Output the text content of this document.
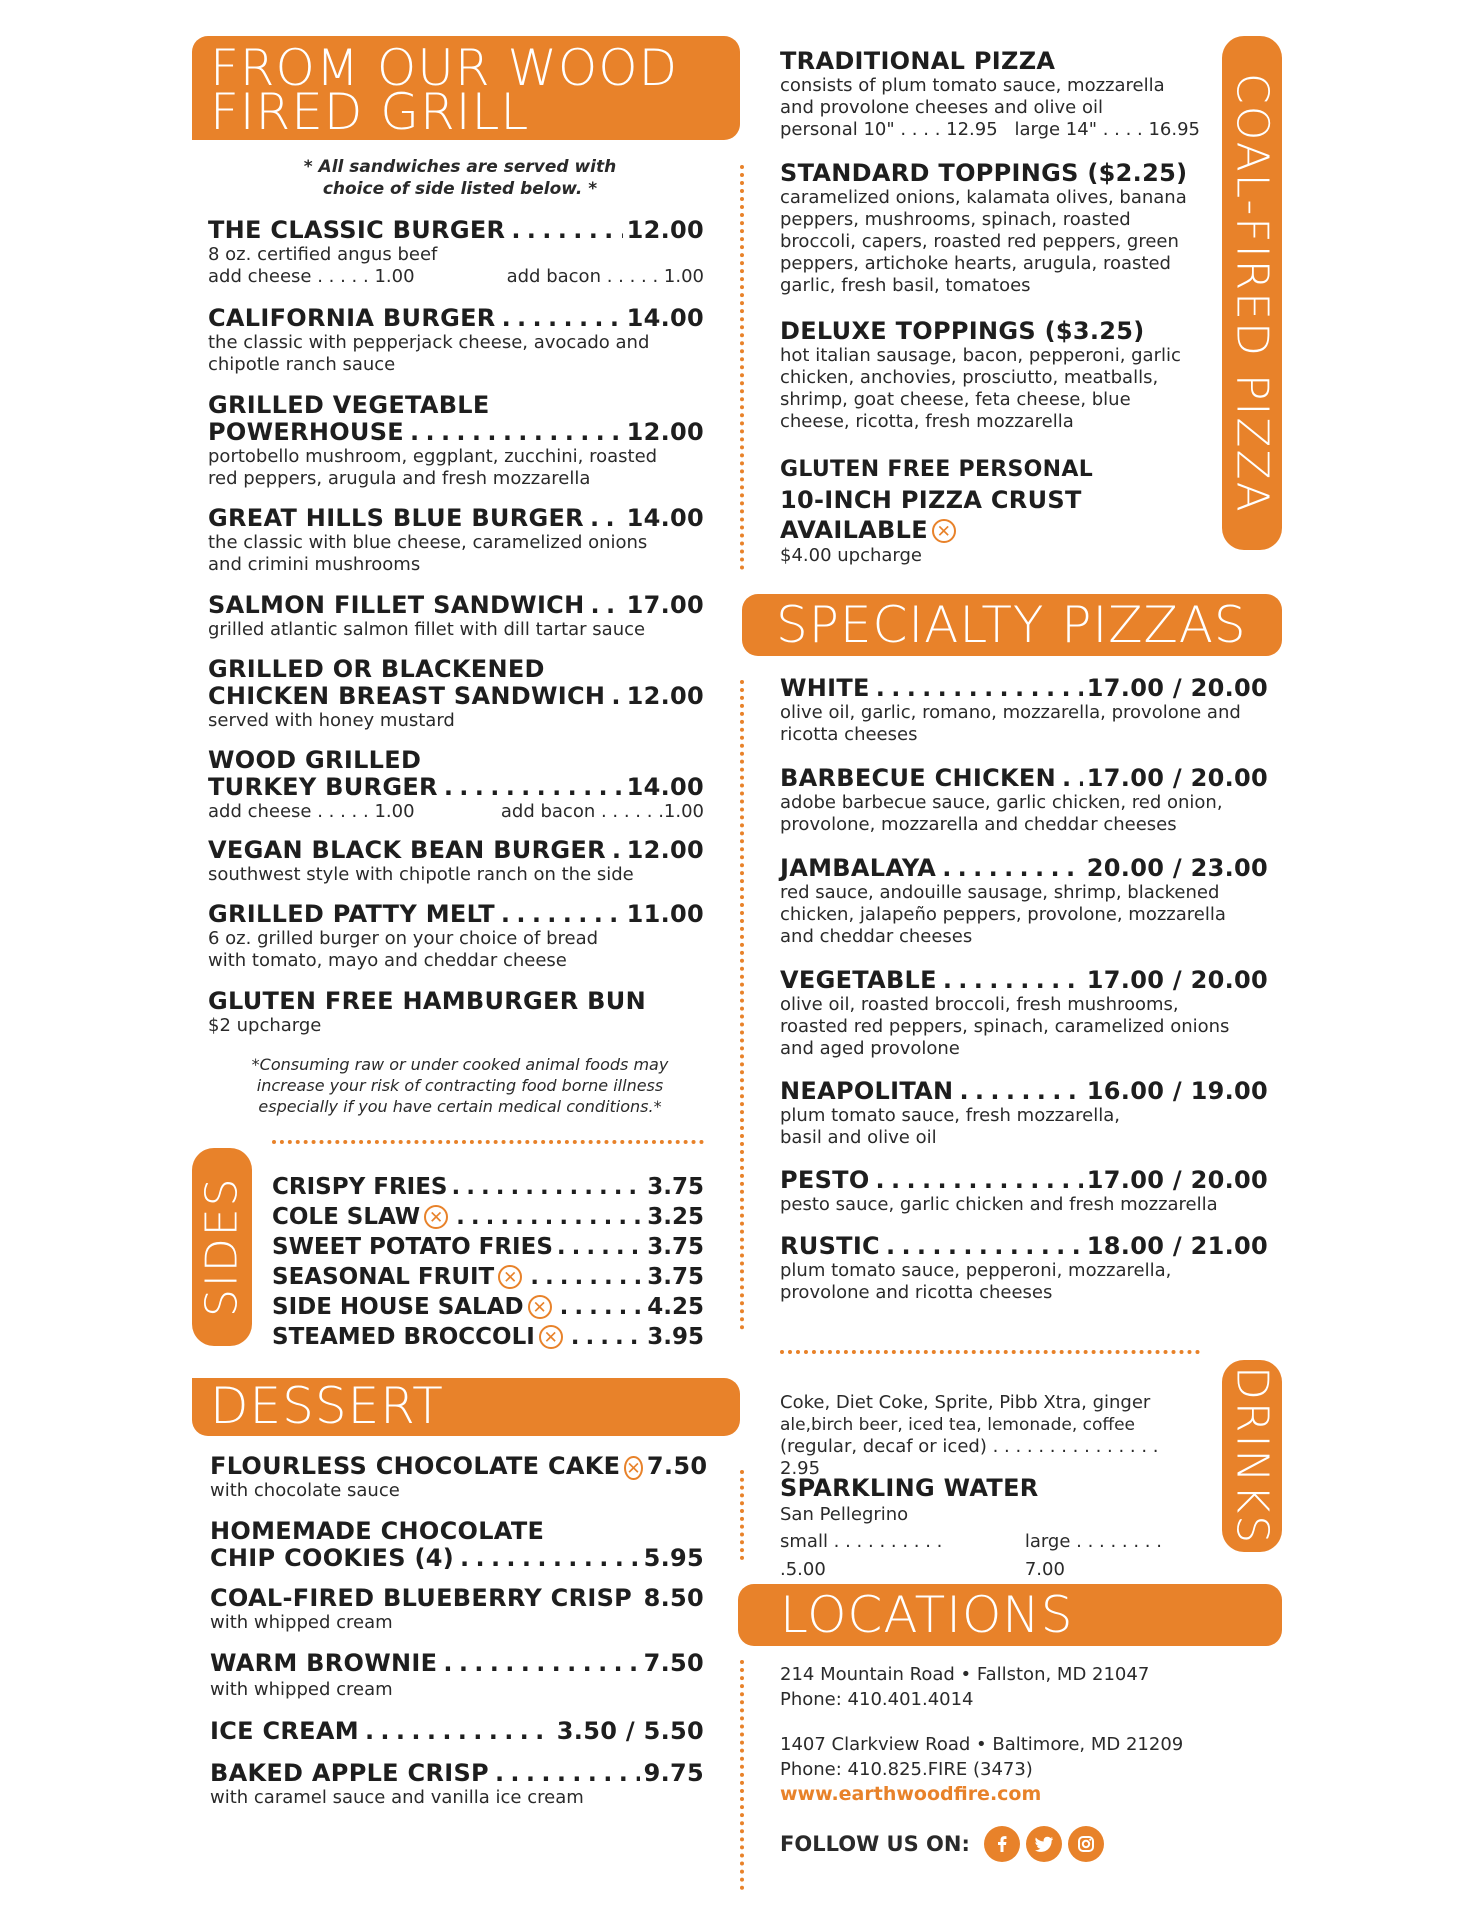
FROM OUR WOOD
FIRED GRILL
* All sandwiches are served with
choice of side listed below. *
THE CLASSIC BURGER . . .	12.00
8 oz. certified angus beef
add cheese . . . . . 1.00	add bacon . . . . . 1.00
CALIFORNIA BURGER . . .	14.00
the classic with pepperjack cheese, avocado and
chipotle ranch sauce
GRILLED VEGETABLE
POWERHOUSE . . .	12.00
portobello mushroom, eggplant, zucchini, roasted
red peppers, arugula and fresh mozzarella
GREAT HILLS BLUE BURGER . . . 14.00
the classic with blue cheese, caramelized onions
and crimini mushrooms
SALMON FILLET SANDWICH . . . 17.00
grilled atlantic salmon fillet with dill tartar sauce
GRILLED OR BLACKENED
CHICKEN BREAST SANDWICH . . . 12.00
served with honey mustard
WOOD GRILLED
TURKEY BURGER . . .	14.00
add cheese . . . . . 1.00	add bacon . . . . . .1.00
VEGAN BLACK BEAN BURGER . . . 12.00
southwest style with chipotle ranch on the side
GRILLED PATTY MELT . . .	11.00
6 oz. grilled burger on your choice of bread
with tomato, mayo and cheddar cheese
GLUTEN FREE HAMBURGER BUN
$2 upcharge
*Consuming raw or under cooked animal foods may
increase your risk of contracting food borne illness
especially if you have certain medical conditions.*
SIDES CRISPY FRIES . . .	3.75
COLE SLAW ✕ . . .	3.25
SWEET POTATO FRIES . . .	3.75
SEASONAL FRUIT ✕ . . .	3.75
SIDE HOUSE SALAD ✕ . . .	4.25
STEAMED BROCCOLI ✕ . . .	3.95
DESSERT
FLOURLESS CHOCOLATE CAKE ✕ 7.50
with chocolate sauce
HOMEMADE CHOCOLATE
CHIP COOKIES (4) . . .	5.95
COAL-FIRED BLUEBERRY CRISP . . . 8.50
with whipped cream
WARM BROWNIE . . .	7.50
with whipped cream
ICE CREAM . . .	3.50 / 5.50
BAKED APPLE CRISP . . .	9.75
with caramel sauce and vanilla ice cream
COAL-FIRED PIZZA
TRADITIONAL PIZZA
consists of plum tomato sauce, mozzarella
and provolone cheeses and olive oil
personal 10" . . . . 12.95 large 14" . . . . 16.95
STANDARD TOPPINGS ($2.25)
caramelized onions, kalamata olives, banana
peppers, mushrooms, spinach, roasted
broccoli, capers, roasted red peppers, green
peppers, artichoke hearts, arugula, roasted
garlic, fresh basil, tomatoes
DELUXE TOPPINGS ($3.25)
hot italian sausage, bacon, pepperoni, garlic
chicken, anchovies, prosciutto, meatballs,
shrimp, goat cheese, feta cheese, blue
cheese, ricotta, fresh mozzarella
GLUTEN FREE PERSONAL
10-INCH PIZZA CRUST
AVAILABLE ✕
$4.00 upcharge
SPECIALTY PIZZAS
WHITE . . .	17.00 / 20.00
olive oil, garlic, romano, mozzarella, provolone and
ricotta cheeses
BARBECUE CHICKEN . . . 17.00 / 20.00
adobe barbecue sauce, garlic chicken, red onion,
provolone, mozzarella and cheddar cheeses
JAMBALAYA . . .	20.00 / 23.00
red sauce, andouille sausage, shrimp, blackened
chicken, jalapeño peppers, provolone, mozzarella
and cheddar cheeses
VEGETABLE . . .	17.00 / 20.00
olive oil, roasted broccoli, fresh mushrooms,
roasted red peppers, spinach, caramelized onions
and aged provolone
NEAPOLITAN . . .	16.00 / 19.00
plum tomato sauce, fresh mozzarella,
basil and olive oil
PESTO . . .	17.00 / 20.00
pesto sauce, garlic chicken and fresh mozzarella
RUSTIC . . .	18.00 / 21.00
plum tomato sauce, pepperoni, mozzarella,
provolone and ricotta cheeses
DRINKS
Coke, Diet Coke, Sprite, Pibb Xtra, ginger
ale,birch beer, iced tea, lemonade, coffee
(regular, decaf or iced) . . . . . . . . . . . . . . . 2.95
SPARKLING WATER
San Pellegrino
small . . . . . . . . . . .5.00
large . . . . . . . . 7.00
LOCATIONS
214 Mountain Road • Fallston, MD 21047
Phone: 410.401.4014
1407 Clarkview Road • Baltimore, MD 21209
Phone: 410.825.FIRE (3473)
www.earthwoodfire.com
FOLLOW US ON:
